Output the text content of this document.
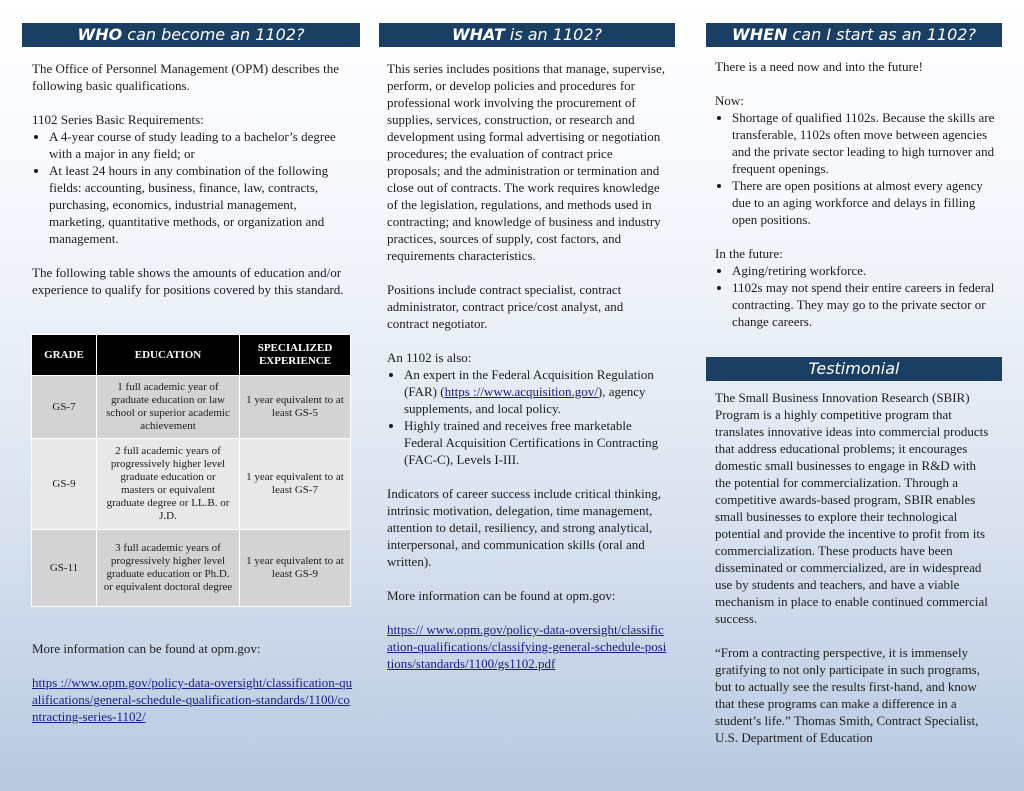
WHO can become an 1102?

The Office of Personnel Management (OPM) describes the following basic qualifications.

1102 Series Basic Requirements:
• A 4-year course of study leading to a bachelor’s degree with a major in any field; or
• At least 24 hours in any combination of the following fields: accounting, business, finance, law, contracts, purchasing, economics, industrial management, marketing, quantitative methods, or organization and management.

The following table shows the amounts of education and/or experience to qualify for positions covered by this standard.

GRADE	EDUCATION	SPECIALIZED EXPERIENCE
GS-7	1 full academic year of graduate education or law school or superior academic achievement	1 year equivalent to at least GS-5
GS-9	2 full academic years of progressively higher level graduate education or masters or equivalent graduate degree or LL.B. or J.D.	1 year equivalent to at least GS-7
GS-11	3 full academic years of progressively higher level graduate education or Ph.D. or equivalent doctoral degree	1 year equivalent to at least GS-9

More information can be found at opm.gov:

https ://www.opm.gov/policy-data-oversight/classification-qualifications/general-schedule-qualification-standards/1100/contracting-series-1102/
WHAT is an 1102?

This series includes positions that manage, supervise, perform, or develop policies and procedures for professional work involving the procurement of supplies, services, construction, or research and development using formal advertising or negotiation procedures; the evaluation of contract price proposals; and the administration or termination and close out of contracts. The work requires knowledge of the legislation, regulations, and methods used in contracting; and knowledge of business and industry practices, sources of supply, cost factors, and requirements characteristics.

Positions include contract specialist, contract administrator, contract price/cost analyst, and contract negotiator.

An 1102 is also:
• An expert in the Federal Acquisition Regulation (FAR) (https ://www.acquisition.gov/), agency supplements, and local policy.
• Highly trained and receives free marketable Federal Acquisition Certifications in Contracting (FAC-C), Levels I-III.

Indicators of career success include critical thinking, intrinsic motivation, delegation, time management, attention to detail, resiliency, and strong analytical, interpersonal, and communication skills (oral and written).

More information can be found at opm.gov:

https:// www.opm.gov/policy-data-oversight/classification-qualifications/classifying-general-schedule-positions/standards/1100/gs1102.pdf
WHEN can I start as an 1102?

There is a need now and into the future!

Now:
• Shortage of qualified 1102s. Because the skills are transferable, 1102s often move between agencies and the private sector leading to high turnover and frequent openings.
• There are open positions at almost every agency due to an aging workforce and delays in filling open positions.
In the future:
• Aging/retiring workforce.
• 1102s may not spend their entire careers in federal contracting. They may go to the private sector or change careers.
Testimonial

The Small Business Innovation Research (SBIR) Program is a highly competitive program that translates innovative ideas into commercial products that address educational problems; it encourages domestic small businesses to engage in R&D with the potential for commercialization. Through a competitive awards-based program, SBIR enables small businesses to explore their technological potential and provide the incentive to profit from its commercialization. These products have been disseminated or commercialized, are in widespread use by students and teachers, and have a viable mechanism in place to enable continued commercial success.

“From a contracting perspective, it is immensely gratifying to not only participate in such programs, but to actually see the results first-hand, and know that these programs can make a difference in a student’s life.” Thomas Smith, Contract Specialist, U.S. Department of Education
